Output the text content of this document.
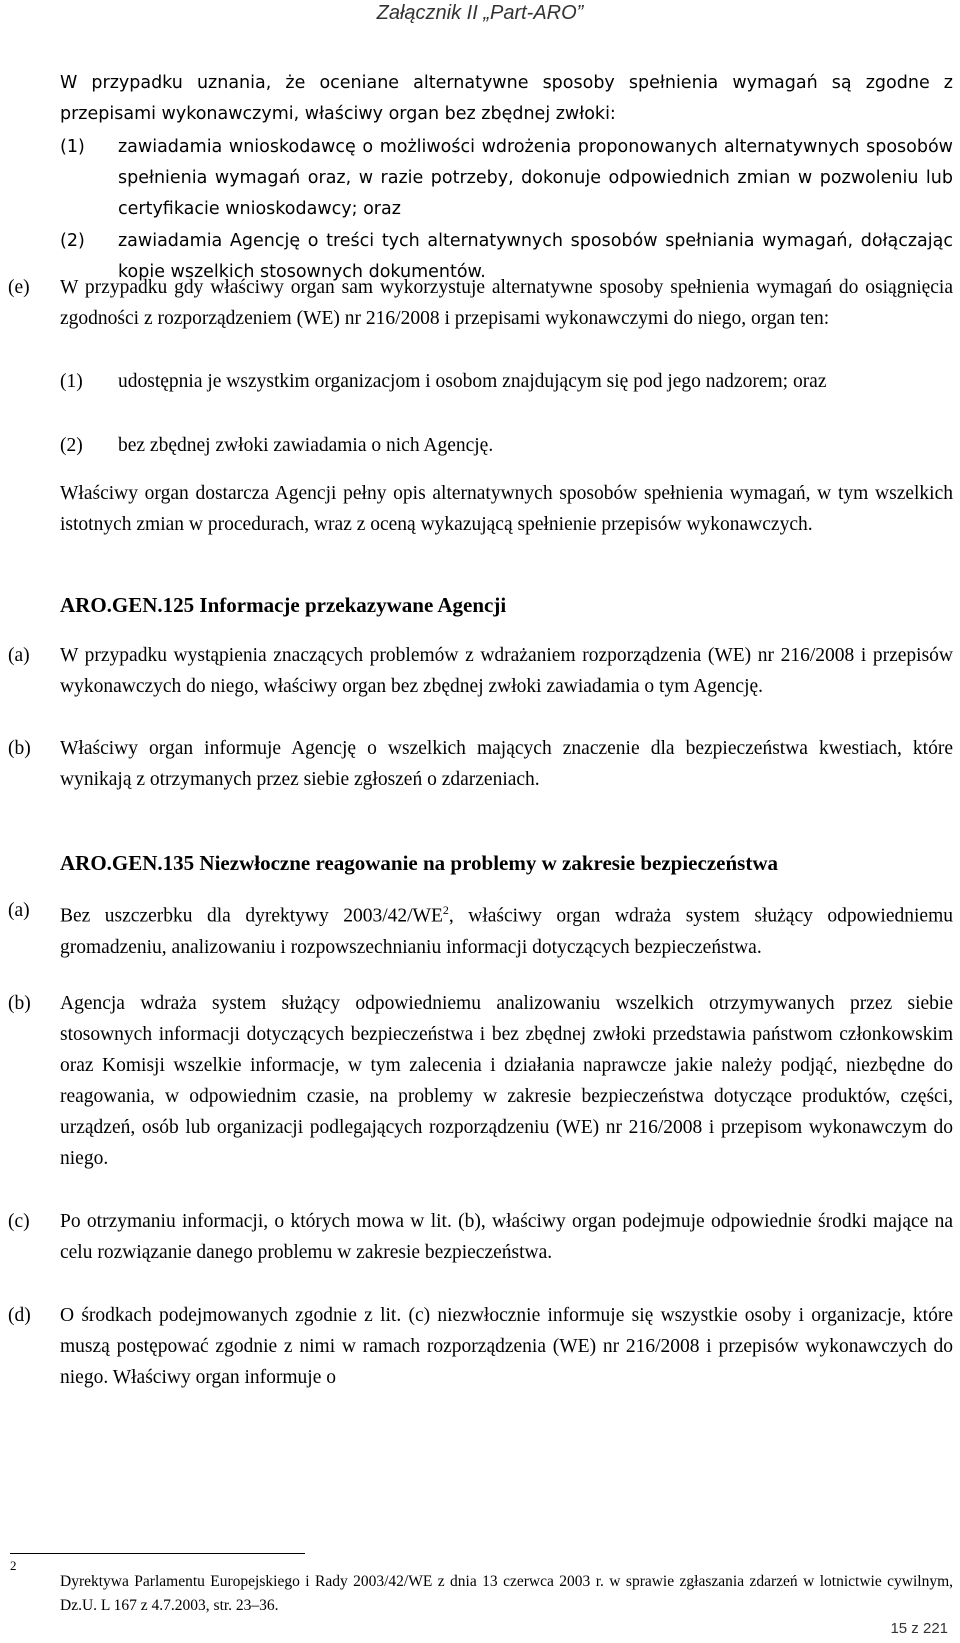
Załącznik II „Part-ARO”
W przypadku uznania, że oceniane alternatywne sposoby spełnienia wymagań są zgodne z przepisami wykonawczymi, właściwy organ bez zbędnej zwłoki:
(1) zawiadamia wnioskodawcę o możliwości wdrożenia proponowanych alternatywnych sposobów spełnienia wymagań oraz, w razie potrzeby, dokonuje odpowiednich zmian w pozwoleniu lub certyfikacie wnioskodawcy; oraz
(2) zawiadamia Agencję o treści tych alternatywnych sposobów spełniania wymagań, dołączając kopie wszelkich stosownych dokumentów.
(e) W przypadku gdy właściwy organ sam wykorzystuje alternatywne sposoby spełnienia wymagań do osiągnięcia zgodności z rozporządzeniem (WE) nr 216/2008 i przepisami wykonawczymi do niego, organ ten:
(1) udostępnia je wszystkim organizacjom i osobom znajdującym się pod jego nadzorem; oraz
(2) bez zbędnej zwłoki zawiadamia o nich Agencję.
Właściwy organ dostarcza Agencji pełny opis alternatywnych sposobów spełnienia wymagań, w tym wszelkich istotnych zmian w procedurach, wraz z oceną wykazującą spełnienie przepisów wykonawczych.
ARO.GEN.125 Informacje przekazywane Agencji
(a) W przypadku wystąpienia znaczących problemów z wdrażaniem rozporządzenia (WE) nr 216/2008 i przepisów wykonawczych do niego, właściwy organ bez zbędnej zwłoki zawiadamia o tym Agencję.
(b) Właściwy organ informuje Agencję o wszelkich mających znaczenie dla bezpieczeństwa kwestiach, które wynikają z otrzymanych przez siebie zgłoszeń o zdarzeniach.
ARO.GEN.135 Niezwłoczne reagowanie na problemy w zakresie bezpieczeństwa
(a) Bez uszczerbku dla dyrektywy $2003/42/WE^2$, właściwy organ wdraża system służący odpowiedniemu gromadzeniu, analizowaniu i rozpowszechnianiu informacji dotyczących bezpieczeństwa.
(b) Agencja wdraża system służący odpowiedniemu analizowaniu wszelkich otrzymywanych przez siebie stosownych informacji dotyczących bezpieczeństwa i bez zbędnej zwłoki przedstawia państwom członkowskim oraz Komisji wszelkie informacje, w tym zalecenia i działania naprawcze jakie należy podjąć, niezbędne do reagowania, w odpowiednim czasie, na problemy w zakresie bezpieczeństwa dotyczące produktów, części, urządzeń, osób lub organizacji podlegających rozporządzeniu (WE) nr 216/2008 i przepisom wykonawczym do niego.
(c) Po otrzymaniu informacji, o których mowa w lit. (b), właściwy organ podejmuje odpowiednie środki mające na celu rozwiązanie danego problemu w zakresie bezpieczeństwa.
(d) O środkach podejmowanych zgodnie z lit. (c) niezwłocznie informuje się wszystkie osoby i organizacje, które muszą postępować zgodnie z nimi w ramach rozporządzenia (WE) nr 216/2008 i przepisów wykonawczych do niego. Właściwy organ informuje o
2
Dyrektywa Parlamentu Europejskiego i Rady 2003/42/WE z dnia 13 czerwca 2003 r. w sprawie zgłaszania zdarzeń w lotnictwie cywilnym, Dz.U. L 167 z 4.7.2003, str. 23–36.
15 z 221
